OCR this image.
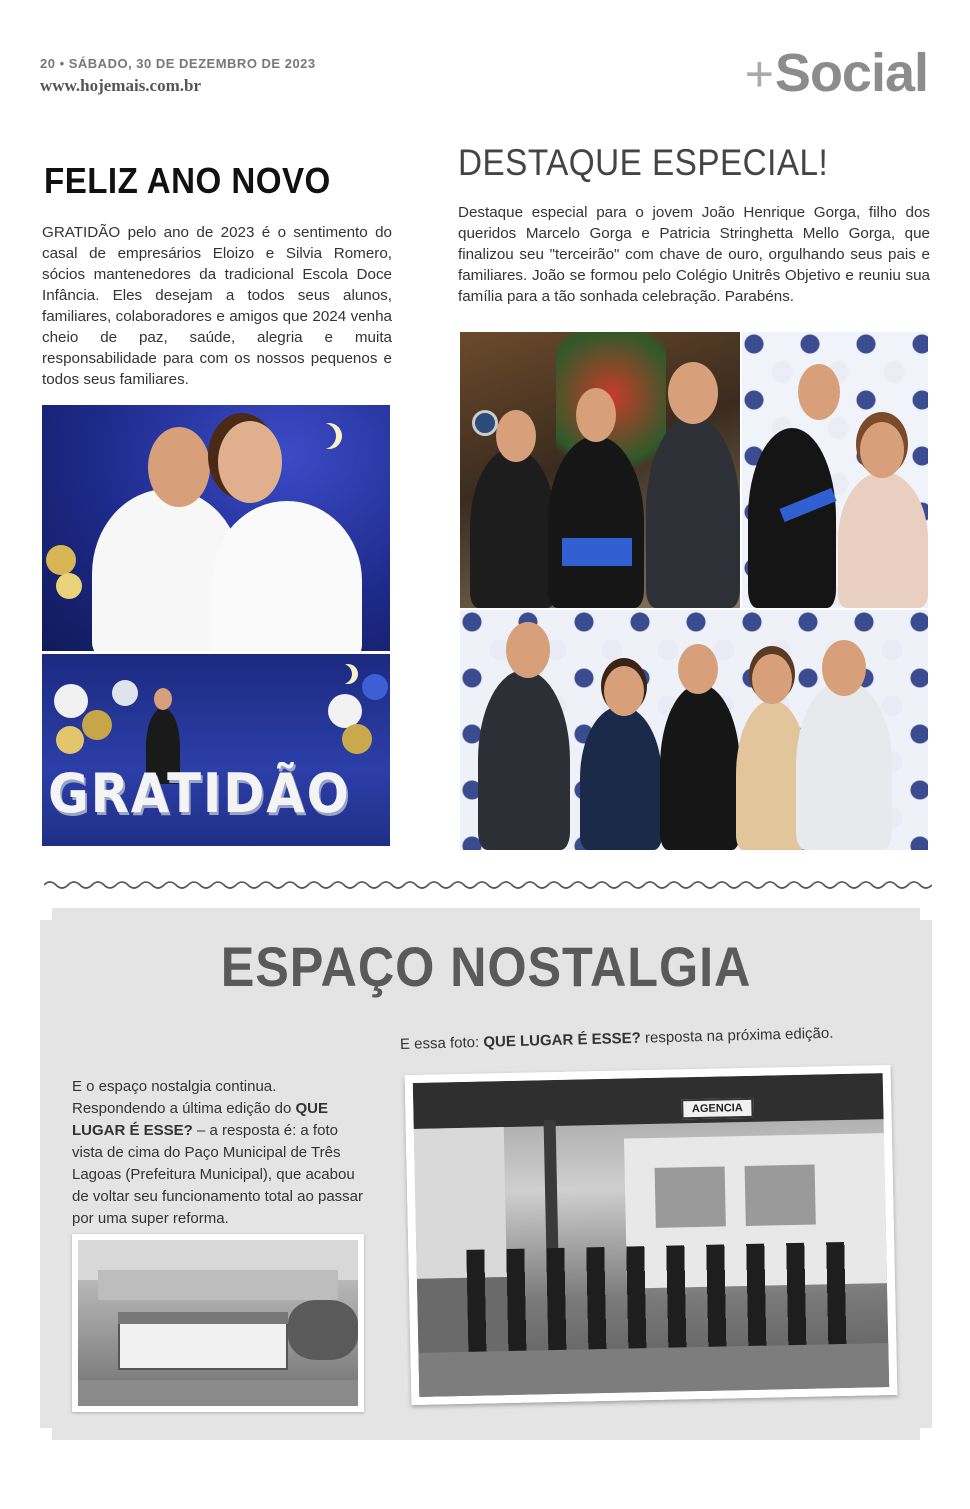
20 • SÁBADO, 30 DE DEZEMBRO DE 2023
www.hojemais.com.br	+Social
FELIZ ANO NOVO

GRATIDÃO pelo ano de 2023 é o sentimento do casal de empresários Eloizo e Silvia Romero, sócios mantenedores da tradicional Escola Doce Infância. Eles desejam a todos seus alunos, familiares, colaboradores e amigos que 2024 venha cheio de paz, saúde, alegria e muita responsabilidade para com os nossos pequenos e todos seus familiares.

GRATIDÃO
DESTAQUE ESPECIAL!

Destaque especial para o jovem João Henrique Gorga, filho dos queridos Marcelo Gorga e Patricia Stringhetta Mello Gorga, que finalizou seu "terceirão" com chave de ouro, orgulhando seus pais e familiares. João se formou pelo Colégio Unitrês Objetivo e reuniu sua família para a tão sonhada celebração. Parabéns.

ESPAÇO NOSTALGIA

E o espaço nostalgia continua. Respondendo a última edição do QUE LUGAR É ESSE? – a resposta é: a foto vista de cima do Paço Municipal de Três Lagoas (Prefeitura Municipal), que acabou de voltar seu funcionamento total ao passar por uma super reforma.

E essa foto: QUE LUGAR É ESSE? resposta na próxima edição.
AGENCIA
